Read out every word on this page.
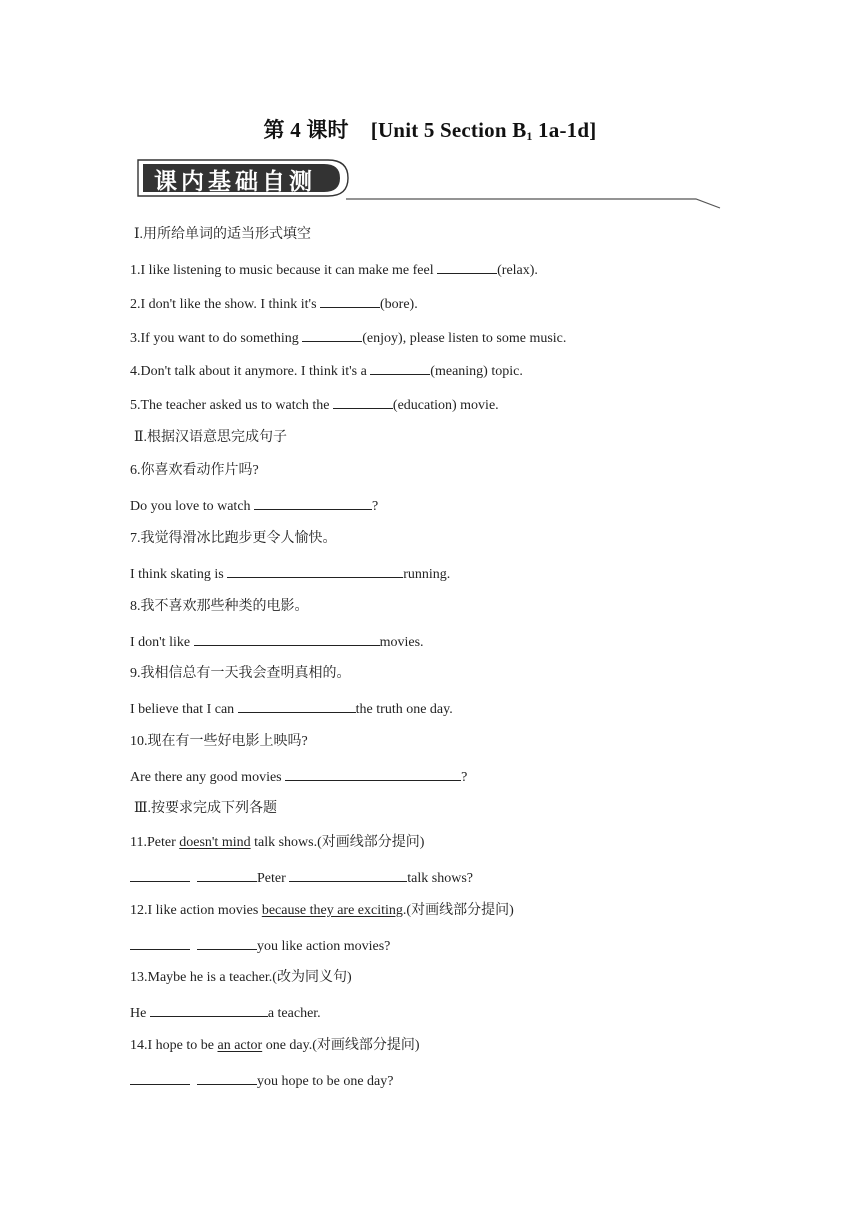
第 4 课时 [Unit 5 Section $B_1$ 1a-1d]
课内基础自测
Ⅰ.用所给单词的适当形式填空
1.I like listening to music because it can make me feel	(relax).
2.I don't like the show. I think it's	(bore).
3.If you want to do something	(enjoy), please listen to some music.
4.Don't talk about it anymore. I think it's a	(meaning) topic.
5.The teacher asked us to watch the	(education) movie.
Ⅱ.根据汉语意思完成句子
6.你喜欢看动作片吗?
Do you love to watch	?
7.我觉得滑冰比跑步更令人愉快。
I think skating is	running.
8.我不喜欢那些种类的电影。
I don't like	movies.
9.我相信总有一天我会查明真相的。
I believe that I can	the truth one day.
10.现在有一些好电影上映吗?
Are there any good movies	?
Ⅲ.按要求完成下列各题
11.Peter doesn't mind talk shows.(对画线部分提问)
Peter	talk shows?
12.I like action movies because they are exciting.(对画线部分提问)
you like action movies?
13.Maybe he is a teacher.(改为同义句)
He	a teacher.
14.I hope to be an actor one day.(对画线部分提问)
you hope to be one day?
